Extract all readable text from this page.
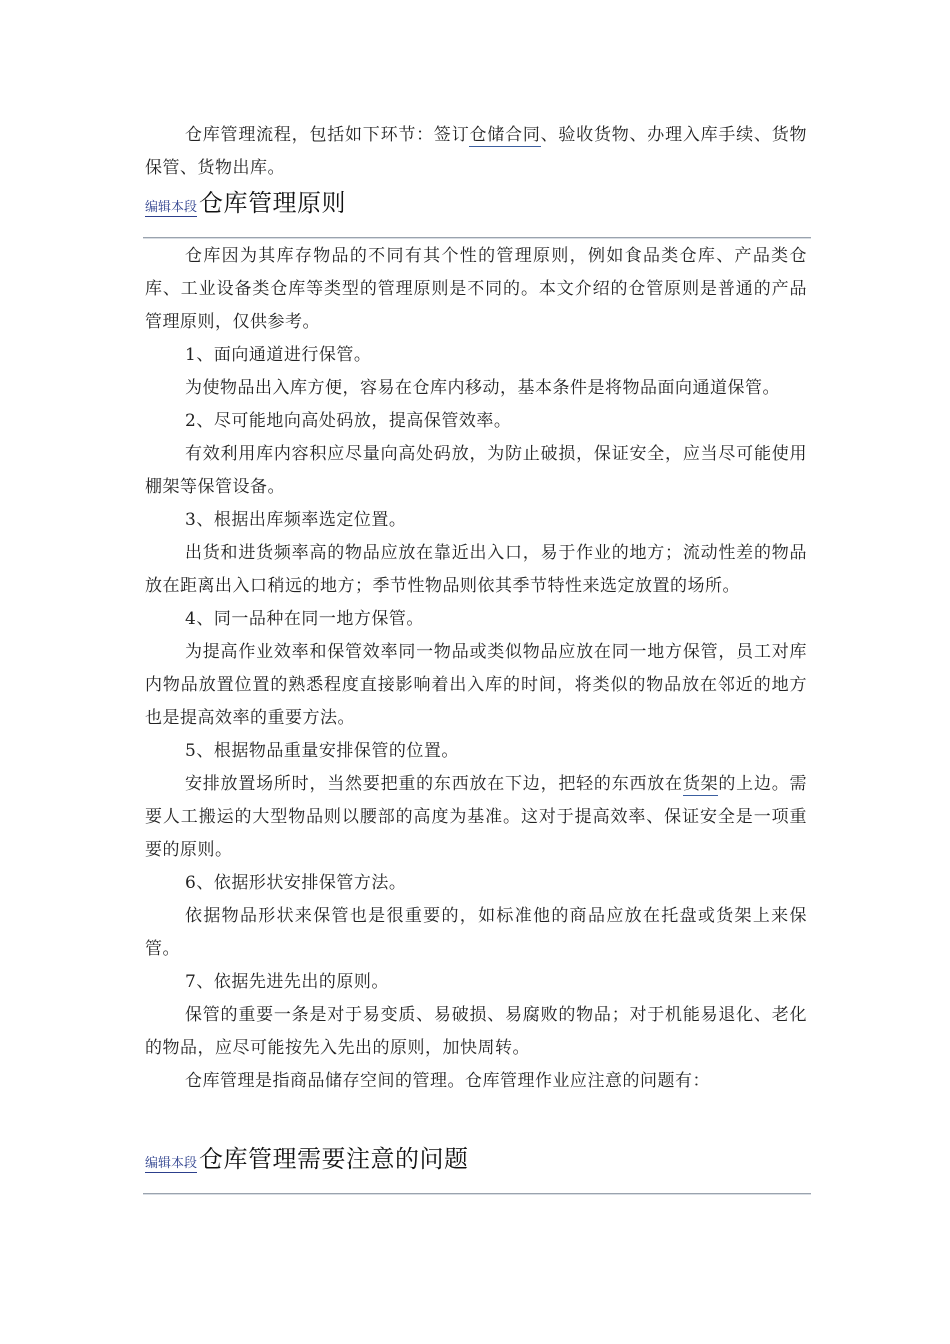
仓库管理流程，包括如下环节：签订仓储合同、验收货物、办理入库手续、货物保管、货物出库。

编辑本段仓库管理原则

仓库因为其库存物品的不同有其个性的管理原则，例如食品类仓库、产品类仓库、工业设备类仓库等类型的管理原则是不同的。本文介绍的仓管原则是普通的产品管理原则，仅供参考。

1、面向通道进行保管。

为使物品出入库方便，容易在仓库内移动，基本条件是将物品面向通道保管。

2、尽可能地向高处码放，提高保管效率。

有效利用库内容积应尽量向高处码放，为防止破损，保证安全，应当尽可能使用棚架等保管设备。

3、根据出库频率选定位置。

出货和进货频率高的物品应放在靠近出入口，易于作业的地方；流动性差的物品放在距离出入口稍远的地方；季节性物品则依其季节特性来选定放置的场所。

4、同一品种在同一地方保管。

为提高作业效率和保管效率同一物品或类似物品应放在同一地方保管，员工对库内物品放置位置的熟悉程度直接影响着出入库的时间，将类似的物品放在邻近的地方也是提高效率的重要方法。

5、根据物品重量安排保管的位置。

安排放置场所时，当然要把重的东西放在下边，把轻的东西放在货架的上边。需要人工搬运的大型物品则以腰部的高度为基准。这对于提高效率、保证安全是一项重要的原则。

6、依据形状安排保管方法。

依据物品形状来保管也是很重要的，如标准他的商品应放在托盘或货架上来保管。

7、依据先进先出的原则。

保管的重要一条是对于易变质、易破损、易腐败的物品；对于机能易退化、老化的物品，应尽可能按先入先出的原则，加快周转。

仓库管理是指商品储存空间的管理。仓库管理作业应注意的问题有：

编辑本段仓库管理需要注意的问题
